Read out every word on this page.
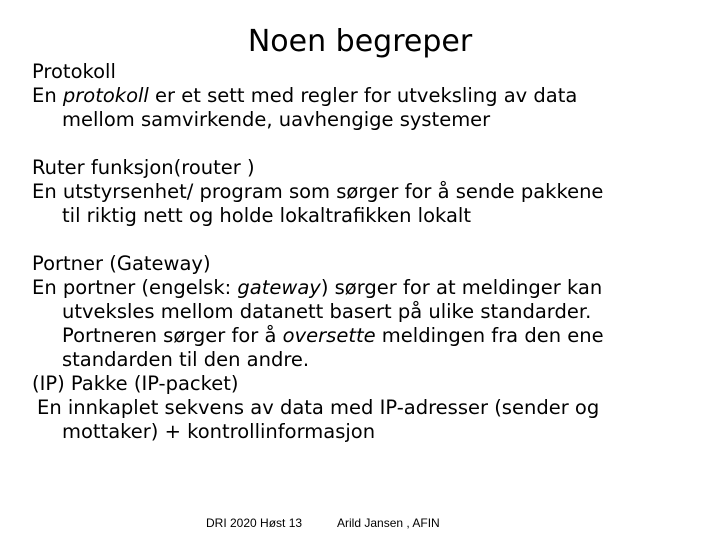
Noen begreper
Protokoll
En protokoll er et sett med regler for utveksling av data
mellom samvirkende, uavhengige systemer
Ruter funksjon(router )
En utstyrsenhet/ program som sørger for å sende pakkene
til riktig nett og holde lokaltrafikken lokalt
Portner (Gateway)
En portner (engelsk: gateway) sørger for at meldinger kan
utveksles mellom datanett basert på ulike standarder.
Portneren sørger for å oversette meldingen fra den ene
standarden til den andre.
(IP) Pakke (IP-packet)
En innkaplet sekvens av data med IP-adresser (sender og
mottaker) + kontrollinformasjon
DRI 2020 Høst 13	Arild Jansen , AFIN
